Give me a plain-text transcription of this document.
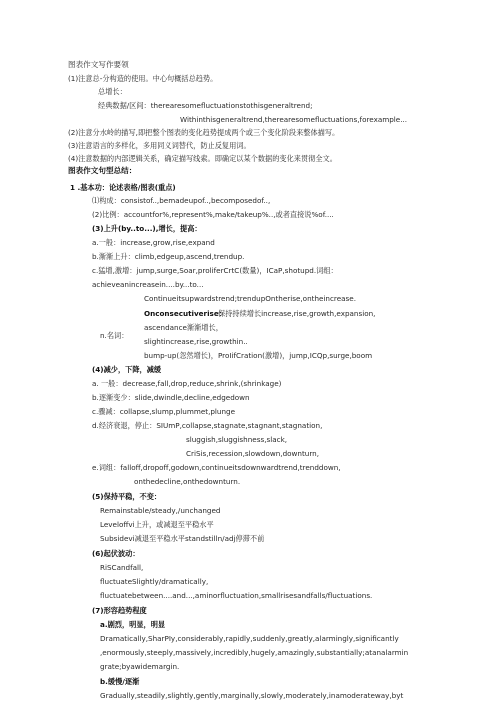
图表作文写作要领
(1)注意总-分构造的使用。中心句概括总趋势。
总增长：
经典数据/区间：therearesomefluctuationstothisgeneraltrend;
Withinthisgeneraltrend,therearesomefluctuations,forexample...
(2)注意分水岭的描写,即把整个图表的变化趋势提成两个或三个变化阶段来整体描写。
(3)注意语言的多样化，多用同义词替代，防止反复用词。
(4)注意数据的内部逻辑关系，确定描写线索。即确定以某个数据的变化来贯彻全文。
图表作文句型总结：
1 .基本功：论述表格/图表(重点)
⑴构成：consistof..,bemadeupof..,becomposedof..,
(2)比例：accountfor%,represent%,make/takeup%..,或者直接说%of....
(3)上升(by..to...),增长，提高：
a.一般：increase,grow,rise,expand
b.渐渐上升：climb,edgeup,ascend,trendup.
c.猛增,激增：jump,surge,Soar,proliferCrtC(数量)，ICaP,shotupd.词组：
achieveanincreasein....by...to...
Continueitsupwardstrend;trendupOntherise,ontheincrease.
Onconsecutiverise：
保持持续增长increase,rise,growth,expansion,
n.名词：
ascendance渐渐增长，
slightincrease,rise,growthin..
bump-up(忽然增长)，ProIifCration(激增)，jump,ICQp,surge,boom
(4)减少，下降，减缓
a. 一般：decrease,fall,drop,reduce,shrink,(shrinkage)
b.逐渐变少：slide,dwindle,decline,edgedown
c.骤减：collapse,slump,plummet,plunge
d.经济衰退，停止：SIUmP,collapse,stagnate,stagnant,stagnation,
sluggish,sluggishness,slack,
CriSis,recession,slowdown,downturn,
e.词组：falloff,dropoff,godown,continueitsdownwardtrend,trenddown,
onthedecline,onthedownturn.
(5)保持平稳，不变：
Remainstable/steady,/unchanged
Leveloffvi上升，或减退至平稳水平
Subsidevi减退至平稳水平standstilln/adj停滞不前
(6)起伏波动：
RiSCandfall,
fluctuateSlightly/dramatically,
fluctuatebetween....and...,aminorfluctuation,smallrisesandfalls/fluctuations.
(7)形容趋势程度
a.剧烈，明显，明显
Dramatically,SharPIy,considerably,rapidly,suddenly,greatly,alarmingly,significantly
,enormously,steeply,massively,incredibly,hugely,amazingly,substantially;atanalarmin
grate;byawidemargin.
b.缓慢/逐渐
Gradually,steadily,slightly,gently,marginally,slowly,moderately,inamoderateway,byt
